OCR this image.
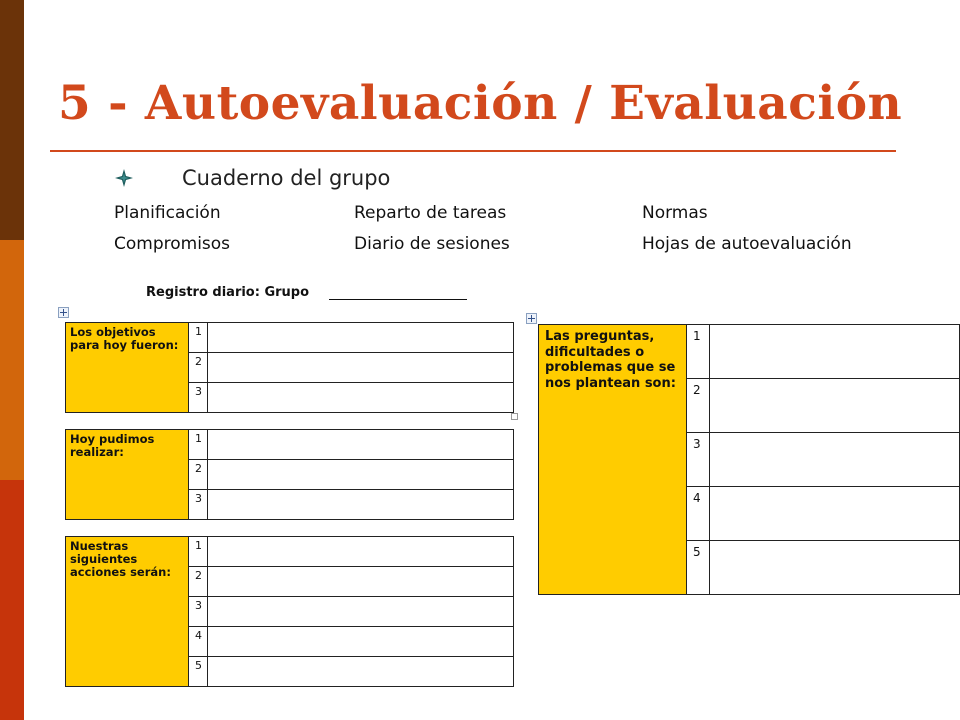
5 - Autoevaluación / Evaluación
Cuaderno del grupo
Planificación	Reparto de tareas	Normas
Compromisos	Diario de sesiones	Hojas de autoevaluación
Registro diario: Grupo
Los objetivos para hoy fueron:	1	
	2	
	3	
Hoy pudimos realizar:	1	
	2	
	3	
Nuestras siguientes acciones serán:	1	
	2	
	3	
	4	
	5	
Las preguntas, dificultades o problemas que se nos plantean son:	1	
	2	
	3	
	4	
	5	
